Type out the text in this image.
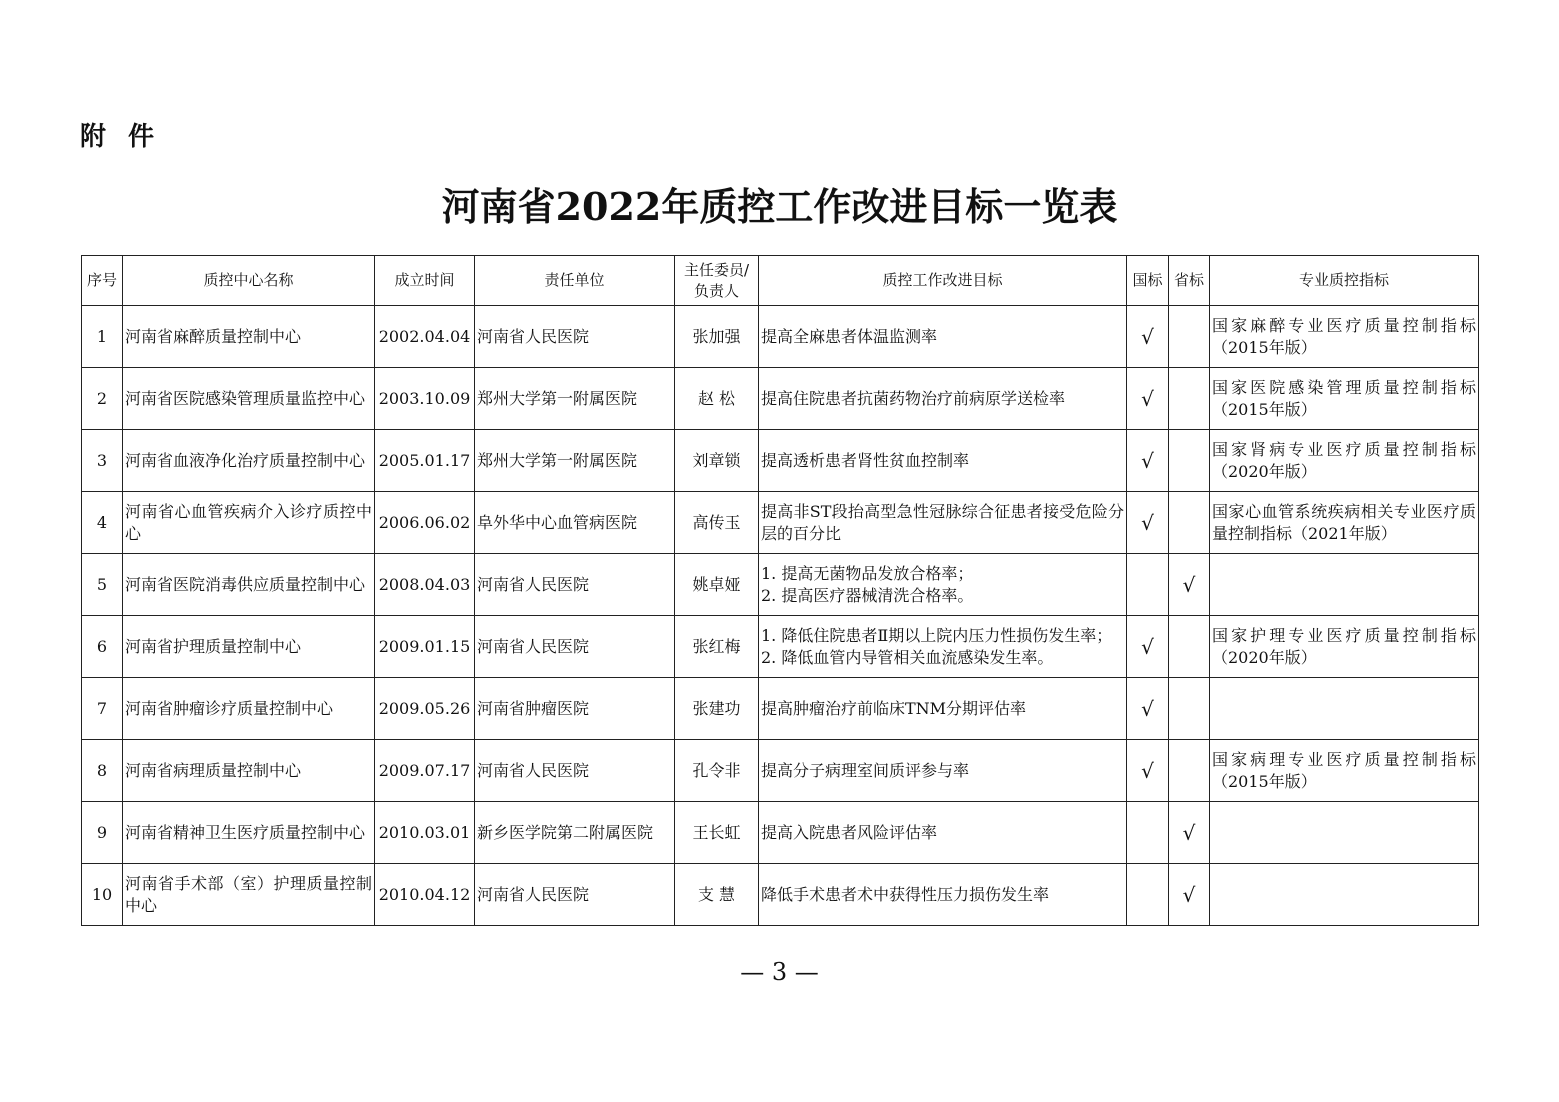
附件
河南省2022年质控工作改进目标一览表
序号	质控中心名称	成立时间	责任单位	主任委员/负责人	质控工作改进目标	国标	省标	专业质控指标
1	河南省麻醉质量控制中心	2002.04.04	河南省人民医院	张加强	提高全麻患者体温监测率	√		国家麻醉专业医疗质量控制指标（2015年版）
2	河南省医院感染管理质量监控中心	2003.10.09	郑州大学第一附属医院	赵 松	提高住院患者抗菌药物治疗前病原学送检率	√		国家医院感染管理质量控制指标（2015年版）
3	河南省血液净化治疗质量控制中心	2005.01.17	郑州大学第一附属医院	刘章锁	提高透析患者肾性贫血控制率	√		国家肾病专业医疗质量控制指标（2020年版）
4	河南省心血管疾病介入诊疗质控中心	2006.06.02	阜外华中心血管病医院	高传玉	提高非ST段抬高型急性冠脉综合征患者接受危险分层的百分比	√		国家心血管系统疾病相关专业医疗质量控制指标（2021年版）
5	河南省医院消毒供应质量控制中心	2008.04.03	河南省人民医院	姚卓娅	1. 提高无菌物品发放合格率；
2. 提高医疗器械清洗合格率。		√	
6	河南省护理质量控制中心	2009.01.15	河南省人民医院	张红梅	1. 降低住院患者Ⅱ期以上院内压力性损伤发生率；
2. 降低血管内导管相关血流感染发生率。	√		国家护理专业医疗质量控制指标（2020年版）
7	河南省肿瘤诊疗质量控制中心	2009.05.26	河南省肿瘤医院	张建功	提高肿瘤治疗前临床TNM分期评估率	√		
8	河南省病理质量控制中心	2009.07.17	河南省人民医院	孔令非	提高分子病理室间质评参与率	√		国家病理专业医疗质量控制指标（2015年版）
9	河南省精神卫生医疗质量控制中心	2010.03.01	新乡医学院第二附属医院	王长虹	提高入院患者风险评估率		√	
10	河南省手术部（室）护理质量控制中心	2010.04.12	河南省人民医院	支 慧	降低手术患者术中获得性压力损伤发生率		√	
— 3 —
